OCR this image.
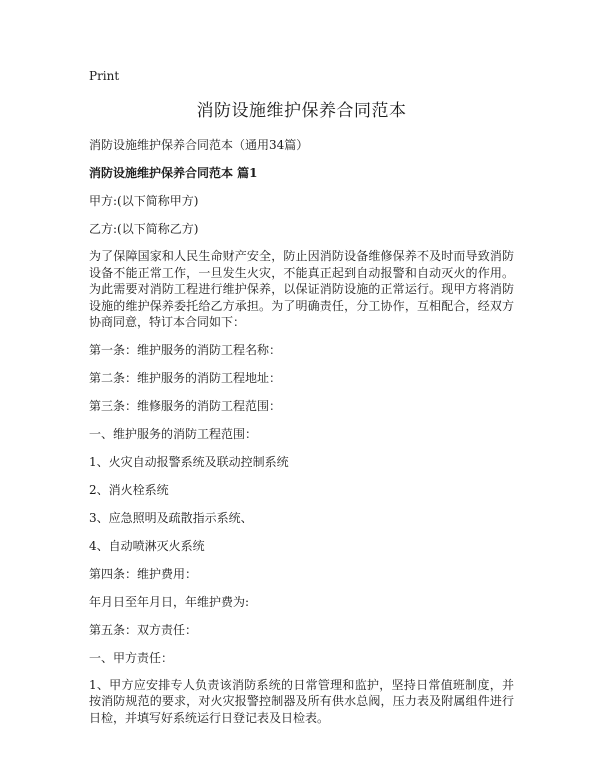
Print
消防设施维护保养合同范本
消防设施维护保养合同范本（通用34篇）
消防设施维护保养合同范本 篇1
甲方:(以下简称甲方)
乙方:(以下简称乙方)
为了保障国家和人民生命财产安全，防止因消防设备维修保养不及时而导致消防设备不能正常工作，一旦发生火灾，不能真正起到自动报警和自动灭火的作用。为此需要对消防工程进行维护保养，以保证消防设施的正常运行。现甲方将消防设施的维护保养委托给乙方承担。为了明确责任，分工协作，互相配合，经双方协商同意，特订本合同如下：
第一条：维护服务的消防工程名称：
第二条：维护服务的消防工程地址：
第三条：维修服务的消防工程范围：
一、维护服务的消防工程范围：
1、火灾自动报警系统及联动控制系统
2、消火栓系统
3、应急照明及疏散指示系统、
4、自动喷淋灭火系统
第四条：维护费用：
年月日至年月日，年维护费为:
第五条：双方责任：
一、甲方责任：
1、甲方应安排专人负责该消防系统的日常管理和监护，坚持日常值班制度，并按消防规范的要求，对火灾报警控制器及所有供水总阀，压力表及附属组件进行日检，并填写好系统运行日登记表及日检表。
